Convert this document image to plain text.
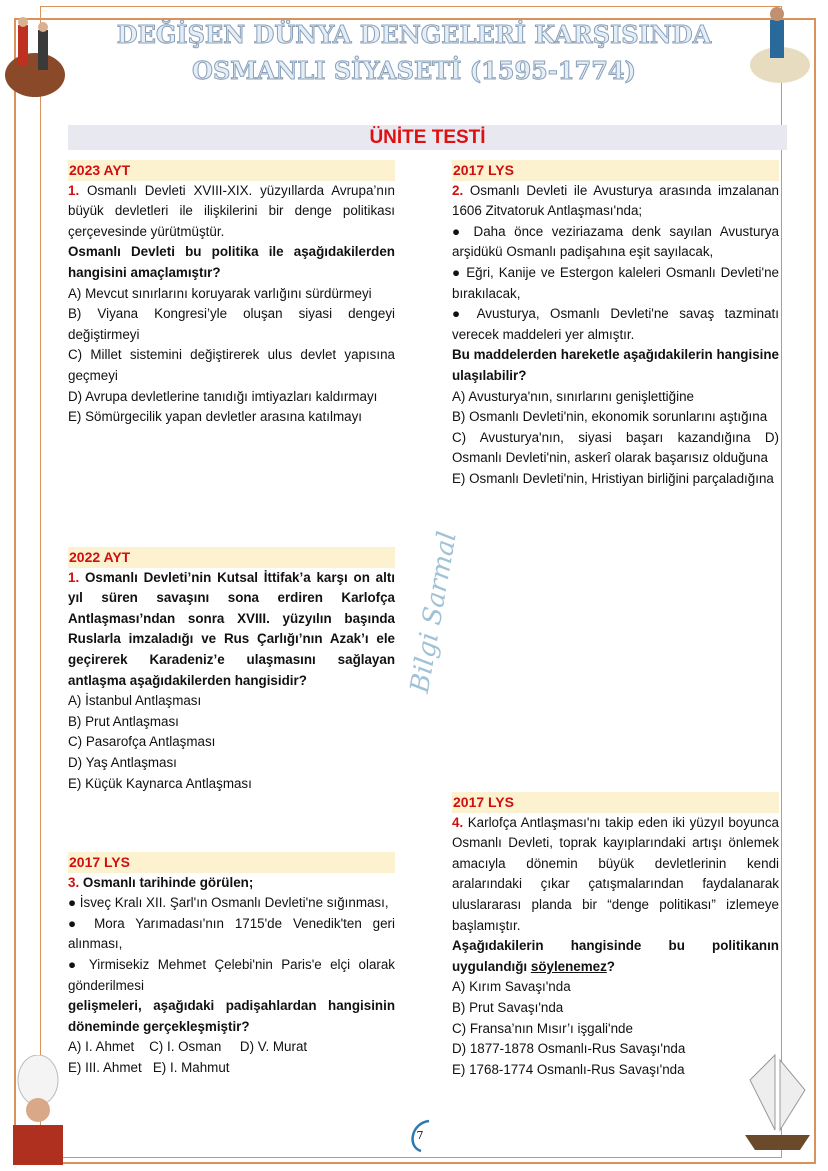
DEĞİŞEN DÜNYA DENGELERİ KARŞISINDA
OSMANLI SİYASETİ (1595-1774)
ÜNİTE TESTİ
2023 AYT

1. Osmanlı Devleti XVIII-XIX. yüzyıllarda Avrupa’nın büyük devletleri ile ilişkilerini bir denge politikası çerçevesinde yürütmüştür.

Osmanlı Devleti bu politika ile aşağıdakilerden hangisini amaçlamıştır?

A) Mevcut sınırlarını koruyarak varlığını sürdürmeyi

B) Viyana Kongresi’yle oluşan siyasi dengeyi değiştirmeyi

C) Millet sistemini değiştirerek ulus devlet yapısına geçmeyi

D) Avrupa devletlerine tanıdığı imtiyazları kaldırmayı

E) Sömürgecilik yapan devletler arasına katılmayı

2022 AYT

1. Osmanlı Devleti’nin Kutsal İttifak’a karşı on altı yıl süren savaşını sona erdiren Karlofça Antlaşması’ndan sonra XVIII. yüzyılın başında Ruslarla imzaladığı ve Rus Çarlığı’nın Azak’ı ele geçirerek Karadeniz’e ulaşmasını sağlayan antlaşma aşağıdakilerden hangisidir?

A) İstanbul Antlaşması

B) Prut Antlaşması

C) Pasarofça Antlaşması

D) Yaş Antlaşması

E) Küçük Kaynarca Antlaşması

2017 LYS

3. Osmanlı tarihinde görülen;

● İsveç Kralı XII. Şarl'ın Osmanlı Devleti'ne sığınması,

● Mora Yarımadası'nın 1715'de Venedik'ten geri alınması,

● Yirmisekiz Mehmet Çelebi'nin Paris'e elçi olarak gönderilmesi

gelişmeleri, aşağıdaki padişahlardan hangisinin döneminde gerçekleşmiştir?

A) I. Ahmet C) I. Osman D) V. Murat

E) III. Ahmet E) I. Mahmut

2017 LYS

2. Osmanlı Devleti ile Avusturya arasında imzalanan 1606 Zitvatoruk Antlaşması'nda;

● Daha önce veziriazama denk sayılan Avusturya arşidükü Osmanlı padişahına eşit sayılacak,

● Eğri, Kanije ve Estergon kaleleri Osmanlı Devleti'ne bırakılacak,

● Avusturya, Osmanlı Devleti'ne savaş tazminatı verecek maddeleri yer almıştır.

Bu maddelerden hareketle aşağıdakilerin hangisine ulaşılabilir?

A) Avusturya'nın, sınırlarını genişlettiğine

B) Osmanlı Devleti'nin, ekonomik sorunlarını aştığına

C) Avusturya'nın, siyasi başarı kazandığına D) Osmanlı Devleti'nin, askerî olarak başarısız olduğuna

E) Osmanlı Devleti'nin, Hristiyan birliğini parçaladığına

2017 LYS

4. Karlofça Antlaşması'nı takip eden iki yüzyıl boyunca Osmanlı Devleti, toprak kayıplarındaki artışı önlemek amacıyla dönemin büyük devletlerinin kendi aralarındaki çıkar çatışmalarından faydalanarak uluslararası planda bir “denge politikası” izlemeye başlamıştır.

Aşağıdakilerin hangisinde bu politikanın uygulandığı söylenemez?

A) Kırım Savaşı'nda

B) Prut Savaşı'nda

C) Fransa’nın Mısır’ı işgali'nde

D) 1877-1878 Osmanlı-Rus Savaşı'nda

E) 1768-1774 Osmanlı-Rus Savaşı'nda

Bilgi Sarmal
7
